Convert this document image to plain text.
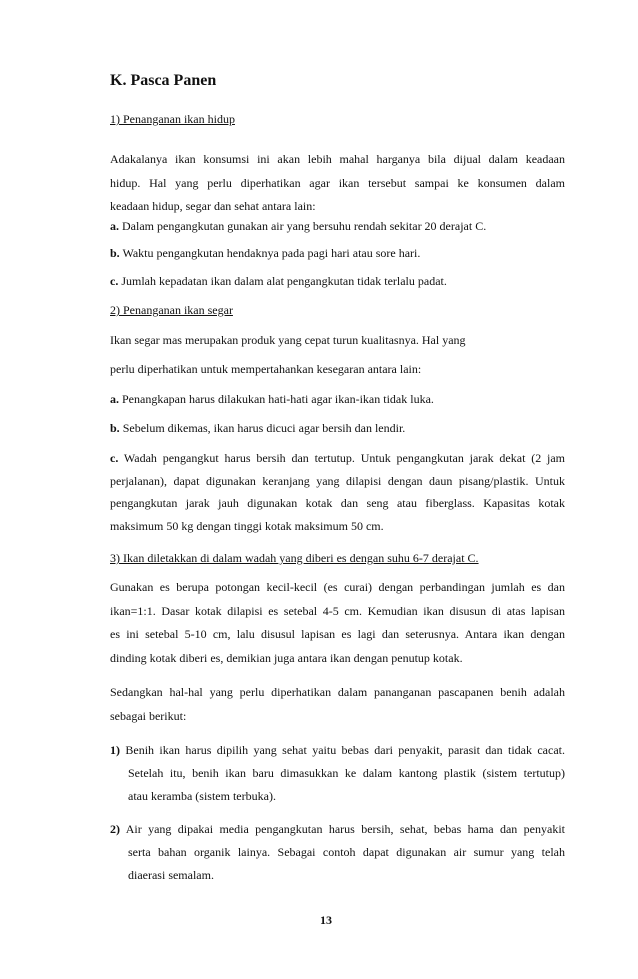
K. Pasca Panen

1) Penanganan ikan hidup

Adakalanya ikan konsumsi ini akan lebih mahal harganya bila dijual dalam keadaan
hidup. Hal yang perlu diperhatikan agar ikan tersebut sampai ke konsumen dalam
keadaan hidup, segar dan sehat antara lain:

a. Dalam pengangkutan gunakan air yang bersuhu rendah sekitar 20 derajat C.

b. Waktu pengangkutan hendaknya pada pagi hari atau sore hari.

c. Jumlah kepadatan ikan dalam alat pengangkutan tidak terlalu padat.

2) Penanganan ikan segar

Ikan segar mas merupakan produk yang cepat turun kualitasnya. Hal yang

perlu diperhatikan untuk mempertahankan kesegaran antara lain:

a. Penangkapan harus dilakukan hati-hati agar ikan-ikan tidak luka.

b. Sebelum dikemas, ikan harus dicuci agar bersih dan lendir.

c. Wadah pengangkut harus bersih dan tertutup. Untuk pengangkutan jarak dekat (2 jam
perjalanan), dapat digunakan keranjang yang dilapisi dengan daun pisang/plastik. Untuk
pengangkutan jarak jauh digunakan kotak dan seng atau fiberglass. Kapasitas kotak
maksimum 50 kg dengan tinggi kotak maksimum 50 cm.

3) Ikan diletakkan di dalam wadah yang diberi es dengan suhu 6-7 derajat C.

Gunakan es berupa potongan kecil-kecil (es curai) dengan perbandingan jumlah es dan
ikan=1:1. Dasar kotak dilapisi es setebal 4-5 cm. Kemudian ikan disusun di atas lapisan
es ini setebal 5-10 cm, lalu disusul lapisan es lagi dan seterusnya. Antara ikan dengan
dinding kotak diberi es, demikian juga antara ikan dengan penutup kotak.
Sedangkan hal-hal yang perlu diperhatikan dalam pananganan pascapanen benih adalah
sebagai berikut:
1) Benih ikan harus dipilih yang sehat yaitu bebas dari penyakit, parasit dan tidak cacat.
Setelah itu, benih ikan baru dimasukkan ke dalam kantong plastik (sistem tertutup)
atau keramba (sistem terbuka).
2) Air yang dipakai media pengangkutan harus bersih, sehat, bebas hama dan penyakit
serta bahan organik lainya. Sebagai contoh dapat digunakan air sumur yang telah
diaerasi semalam.
13
